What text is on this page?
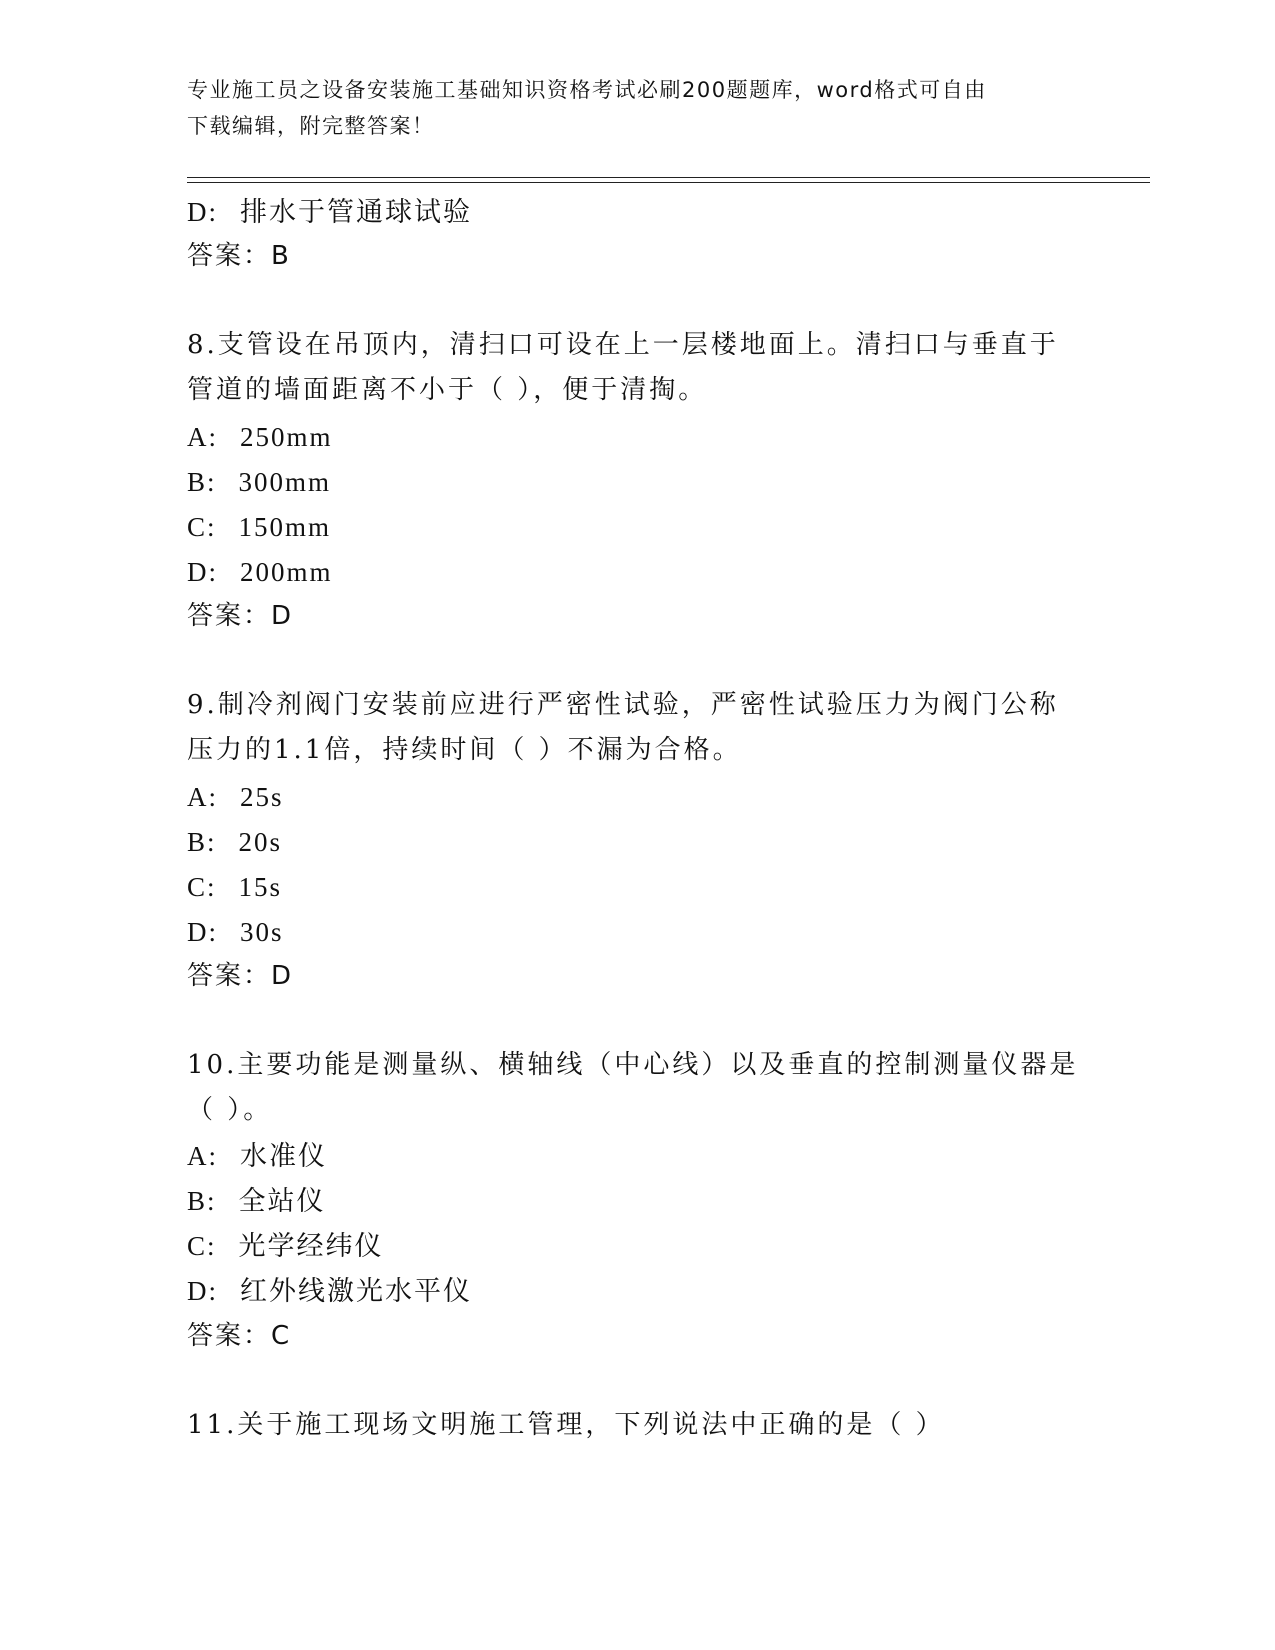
专业施工员之设备安装施工基础知识资格考试必刷200题题库，word格式可自由
下载编辑，附完整答案！
D: 排水于管通球试验
答案：B
8.支管设在吊顶内，清扫口可设在上一层楼地面上。清扫口与垂直于
管道的墙面距离不小于（ ），便于清掏。
A: 250mm
B: 300mm
C: 150mm
D: 200mm
答案：D
9.制冷剂阀门安装前应进行严密性试验，严密性试验压力为阀门公称
压力的1.1倍，持续时间（ ）不漏为合格。
A: 25s
B: 20s
C: 15s
D: 30s
答案：D
10.主要功能是测量纵、横轴线（中心线）以及垂直的控制测量仪器是
（ ）。
A: 水准仪
B: 全站仪
C: 光学经纬仪
D: 红外线激光水平仪
答案：C
11.关于施工现场文明施工管理，下列说法中正确的是（ ）
